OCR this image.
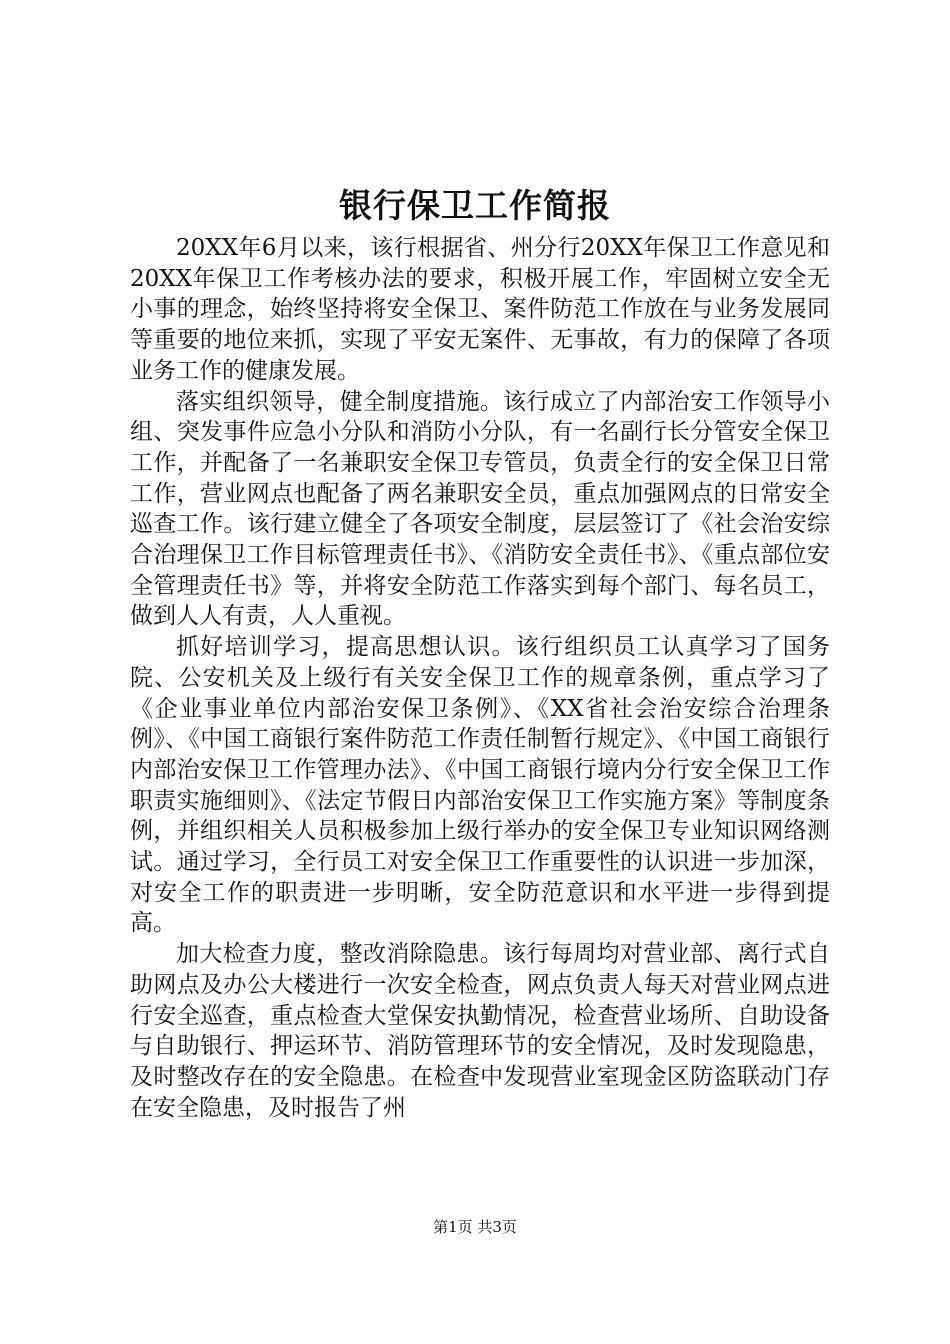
银行保卫工作简报

20XX年6月以来，该行根据省、州分行20XX年保卫工作意见和20XX年保卫工作考核办法的要求，积极开展工作，牢固树立安全无小事的理念，始终坚持将安全保卫、案件防范工作放在与业务发展同等重要的地位来抓，实现了平安无案件、无事故，有力的保障了各项业务工作的健康发展。

落实组织领导，健全制度措施。该行成立了内部治安工作领导小组、突发事件应急小分队和消防小分队，有一名副行长分管安全保卫工作，并配备了一名兼职安全保卫专管员，负责全行的安全保卫日常工作，营业网点也配备了两名兼职安全员，重点加强网点的日常安全巡查工作。该行建立健全了各项安全制度，层层签订了《社会治安综合治理保卫工作目标管理责任书》、《消防安全责任书》、《重点部位安全管理责任书》等，并将安全防范工作落实到每个部门、每名员工，做到人人有责，人人重视。

抓好培训学习，提高思想认识。该行组织员工认真学习了国务院、公安机关及上级行有关安全保卫工作的规章条例，重点学习了《企业事业单位内部治安保卫条例》、《XX省社会治安综合治理条例》、《中国工商银行案件防范工作责任制暂行规定》、《中国工商银行内部治安保卫工作管理办法》、《中国工商银行境内分行安全保卫工作职责实施细则》、《法定节假日内部治安保卫工作实施方案》等制度条例，并组织相关人员积极参加上级行举办的安全保卫专业知识网络测试。通过学习，全行员工对安全保卫工作重要性的认识进一步加深，对安全工作的职责进一步明晰，安全防范意识和水平进一步得到提高。

加大检查力度，整改消除隐患。该行每周均对营业部、离行式自助网点及办公大楼进行一次安全检查，网点负责人每天对营业网点进行安全巡查，重点检查大堂保安执勤情况，检查营业场所、自助设备与自助银行、押运环节、消防管理环节的安全情况，及时发现隐患，及时整改存在的安全隐患。在检查中发现营业室现金区防盗联动门存在安全隐患，及时报告了州

第1页 共3页
